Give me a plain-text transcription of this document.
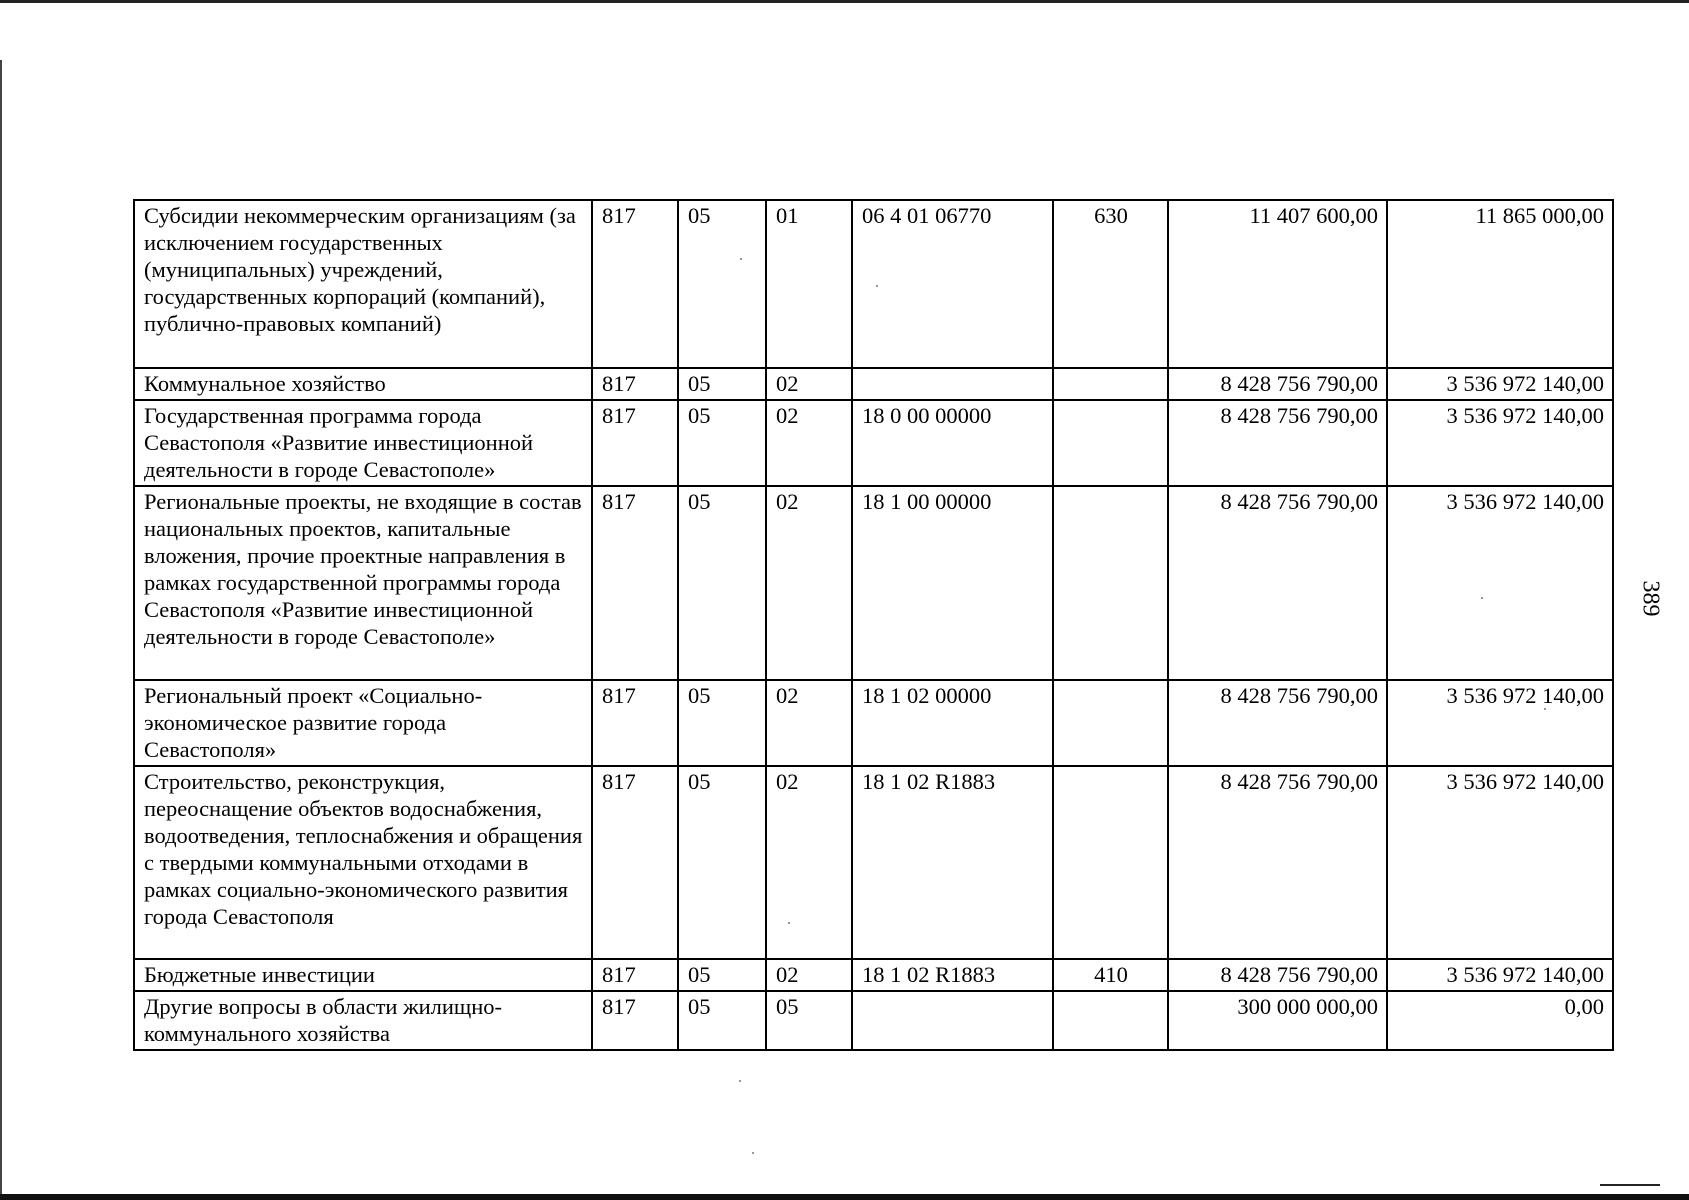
Субсидии некоммерческим организациям (за исключением государственных (муниципальных) учреждений, государственных корпораций (компаний), публично-правовых компаний)	817	05	01	06 4 01 06770	630	11 407 600,00	11 865 000,00
Коммунальное хозяйство	817	05	02			8 428 756 790,00	3 536 972 140,00
Государственная программа города Севастополя «Развитие инвестиционной деятельности в городе Севастополе»	817	05	02	18 0 00 00000		8 428 756 790,00	3 536 972 140,00
Региональные проекты, не входящие в состав национальных проектов, капитальные вложения, прочие проектные направления в рамках государственной программы города Севастополя «Развитие инвестиционной деятельности в городе Севастополе»	817	05	02	18 1 00 00000		8 428 756 790,00	3 536 972 140,00
Региональный проект «Социально-экономическое развитие города Севастополя»	817	05	02	18 1 02 00000		8 428 756 790,00	3 536 972 140,00
Строительство, реконструкция, переоснащение объектов водоснабжения, водоотведения, теплоснабжения и обращения с твердыми коммунальными отходами в рамках социально-экономического развития города Севастополя	817	05	02	18 1 02 R1883		8 428 756 790,00	3 536 972 140,00
Бюджетные инвестиции	817	05	02	18 1 02 R1883	410	8 428 756 790,00	3 536 972 140,00
Другие вопросы в области жилищно-коммунального хозяйства	817	05	05			300 000 000,00	0,00
389
